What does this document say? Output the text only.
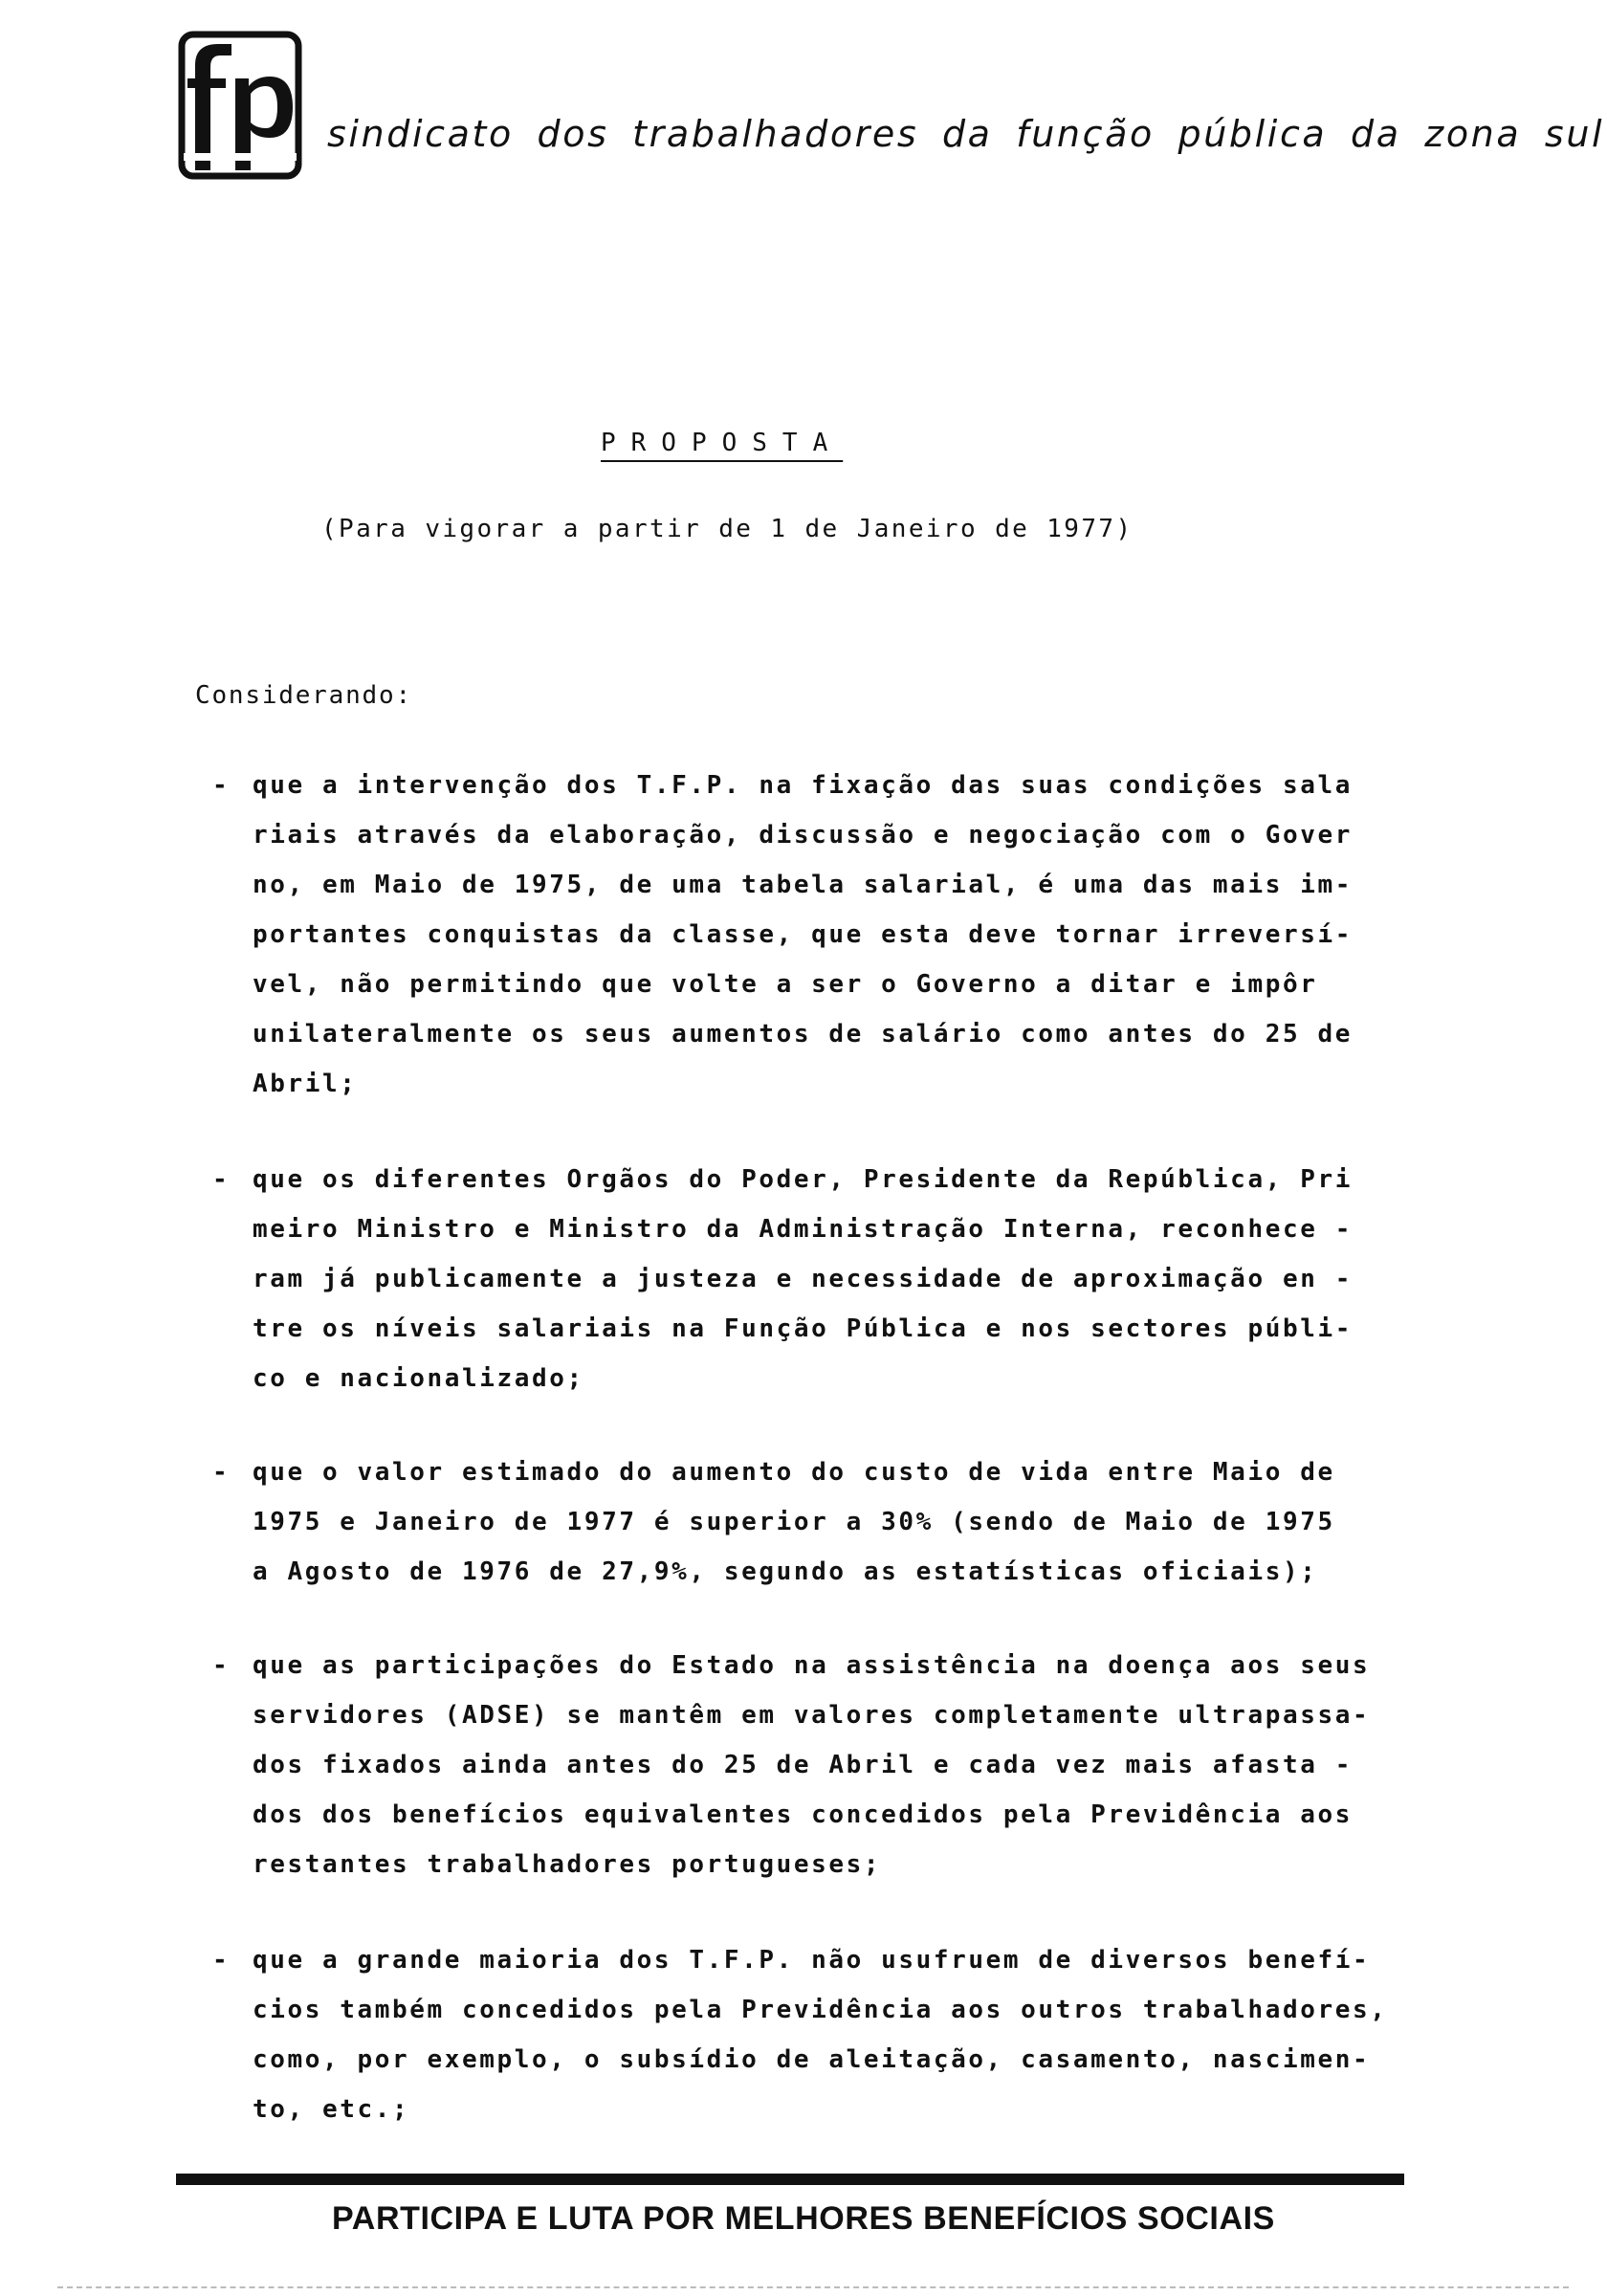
sindicato dos trabalhadores da função pública da zona sul
PROPOSTA
(Para vigorar a partir de 1 de Janeiro de 1977)
Considerando:
- que a intervenção dos T.F.P. na fixação das suas condições sala
riais através da elaboração, discussão e negociação com o Gover
no, em Maio de 1975, de uma tabela salarial, é uma das mais im-
portantes conquistas da classe, que esta deve tornar irreversí-
vel, não permitindo que volte a ser o Governo a ditar e impôr
unilateralmente os seus aumentos de salário como antes do 25 de
Abril;

- que os diferentes Orgãos do Poder, Presidente da República, Pri
meiro Ministro e Ministro da Administração Interna, reconhece -
ram já publicamente a justeza e necessidade de aproximação en -
tre os níveis salariais na Função Pública e nos sectores públi-
co e nacionalizado;

- que o valor estimado do aumento do custo de vida entre Maio de
1975 e Janeiro de 1977 é superior a 30% (sendo de Maio de 1975
a Agosto de 1976 de 27,9%, segundo as estatísticas oficiais);

- que as participações do Estado na assistência na doença aos seus
servidores (ADSE) se mantêm em valores completamente ultrapassa-
dos fixados ainda antes do 25 de Abril e cada vez mais afasta -
dos dos benefícios equivalentes concedidos pela Previdência aos
restantes trabalhadores portugueses;

- que a grande maioria dos T.F.P. não usufruem de diversos benefí-
cios também concedidos pela Previdência aos outros trabalhadores,
como, por exemplo, o subsídio de aleitação, casamento, nascimen-
to, etc.;

PARTICIPA E LUTA POR MELHORES BENEFÍCIOS SOCIAIS
